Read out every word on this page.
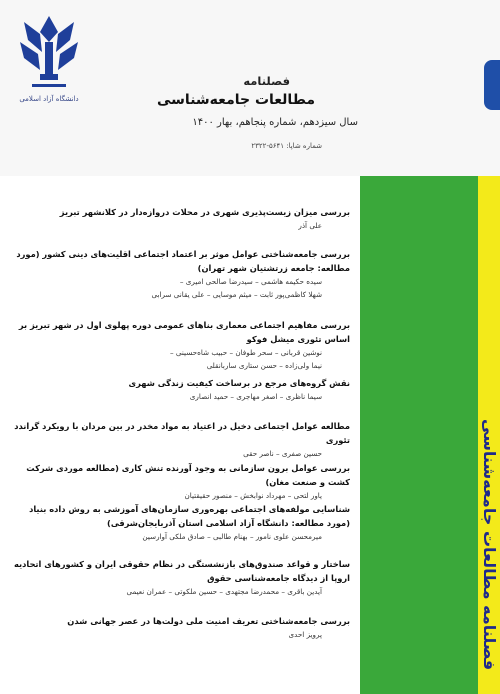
دانشگاه آزاد اسلامی
فصلنامه
مطالعات جامعه‌شناسی
سال سیزدهم، شماره پنجاهم، بهار ۱۴۰۰
شماره شاپا: ۵۶۴۱-۲۳۲۲
فصلنامه مطالعات جامعه‌شناسی
بررسی میزان زیست‌پذیری شهری در محلات دروازه‌دار در کلانشهر تبریز
علی آذر
بررسی جامعه‌شناختی عوامل موثر بر اعتماد اجتماعی اقلیت‌های دینی کشور (مورد مطالعه: جامعه زرتشتیان شهر تهران)
سیده حکیمه هاشمی – سیدرضا صالحی امیری –
شهلا کاظمی‌پور ثابت – میثم موسایی – علی یقانی سرابی
بررسی مفاهیم اجتماعی معماری بناهای عمومی دوره پهلوی اول در شهر تبریز بر اساس تئوری میشل فوکو
نوشین قربانی – سحر طوفان – حبیب شاه‌حسینی –
نیما ولی‌زاده – حسن ستاری ساربانقلی
نقش گروه‌های مرجع در برساخت کیفیت زندگی شهری
سیما ناظری – اصغر مهاجری – حمید انصاری
مطالعه عوامل اجتماعی دخیل در اعتیاد به مواد مخدر در بین مردان با رویکرد گراندد تئوری
حسین صفری – ناصر حقی
بررسی عوامل برون سازمانی به وجود آورنده تنش کاری (مطالعه موردی شرکت کشت و صنعت مغان)
یاور لتحی – مهرداد نوابخش – منصور حقیقتیان
شناسایی مولفه‌های اجتماعی بهره‌وری سازمان‌های آموزشی به روش داده بنیاد (مورد مطالعه: دانشگاه آزاد اسلامی استان آذربایجان‌شرقی)
میرمحسن علوی نامور – بهنام طالبی – صادق ملکی آوارسین
ساختار و قواعد صندوق‌های بازنشستگی در نظام حقوقی ایران و کشورهای اتحادیه اروپا از دیدگاه جامعه‌شناسی حقوق
آیدین باقری – محمدرضا مجتهدی – حسین ملکوتی – عمران نعیمی
بررسی جامعه‌شناختی تعریف امنیت ملی دولت‌ها در عصر جهانی شدن
پرویز احدی
